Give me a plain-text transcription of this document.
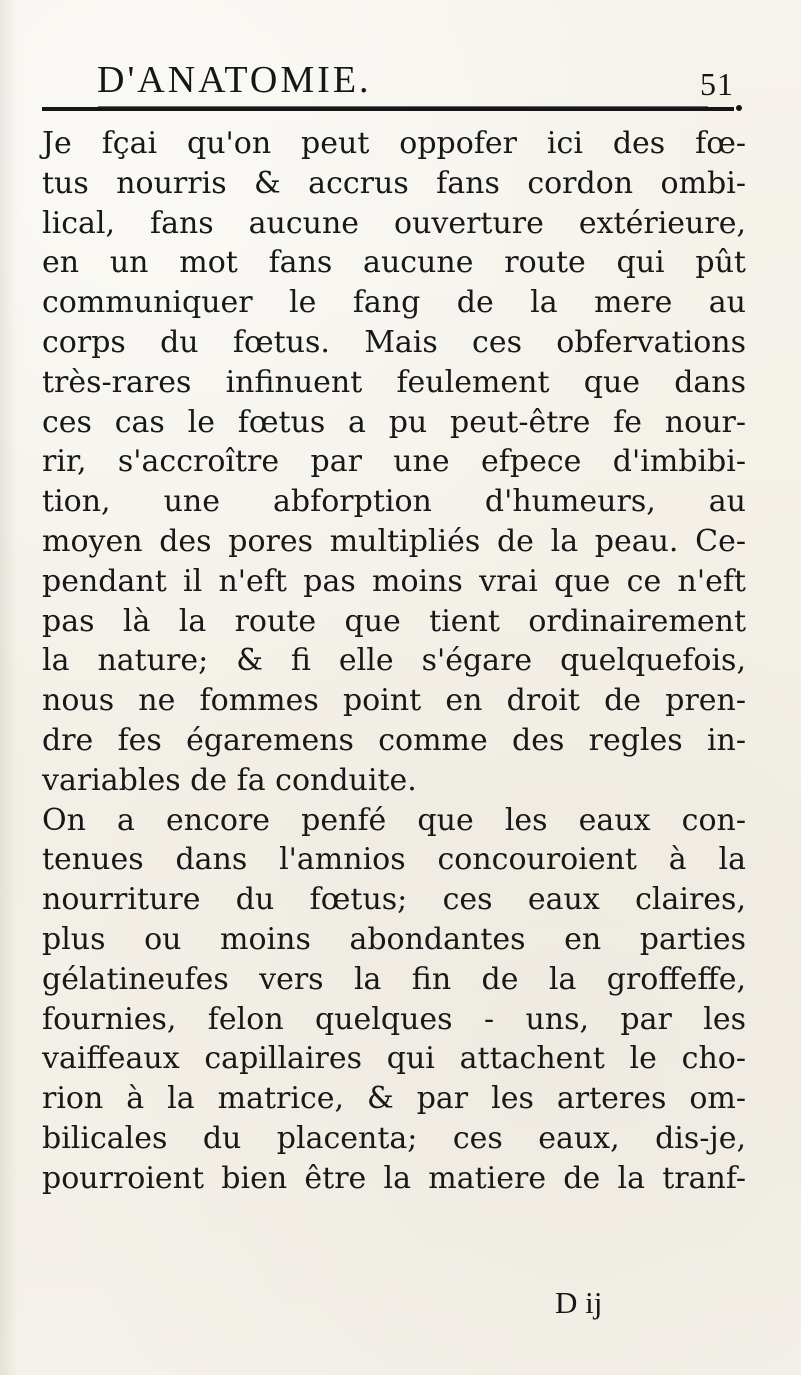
D'ANATOMIE.	51
Je fçai qu'on peut oppofer ici des fœ-
tus nourris & accrus fans cordon ombi-
lical, fans aucune ouverture extérieure,
en un mot fans aucune route qui pût
communiquer le fang de la mere au
corps du fœtus. Mais ces obfervations
très-rares infinuent feulement que dans
ces cas le fœtus a pu peut-être fe nour-
rir, s'accroître par une efpece d'imbibi-
tion, une abforption d'humeurs, au
moyen des pores multipliés de la peau. Ce-
pendant il n'eft pas moins vrai que ce n'eft
pas là la route que tient ordinairement
la nature; & fi elle s'égare quelquefois,
nous ne fommes point en droit de pren-
dre fes égaremens comme des regles in-
variables de fa conduite.
On a encore penfé que les eaux con-
tenues dans l'amnios concouroient à la
nourriture du fœtus; ces eaux claires,
plus ou moins abondantes en parties
gélatineufes vers la fin de la groffeffe,
fournies, felon quelques - uns, par les
vaiffeaux capillaires qui attachent le cho-
rion à la matrice, & par les arteres om-
bilicales du placenta; ces eaux, dis-je,
pourroient bien être la matiere de la tranf-
D ij
